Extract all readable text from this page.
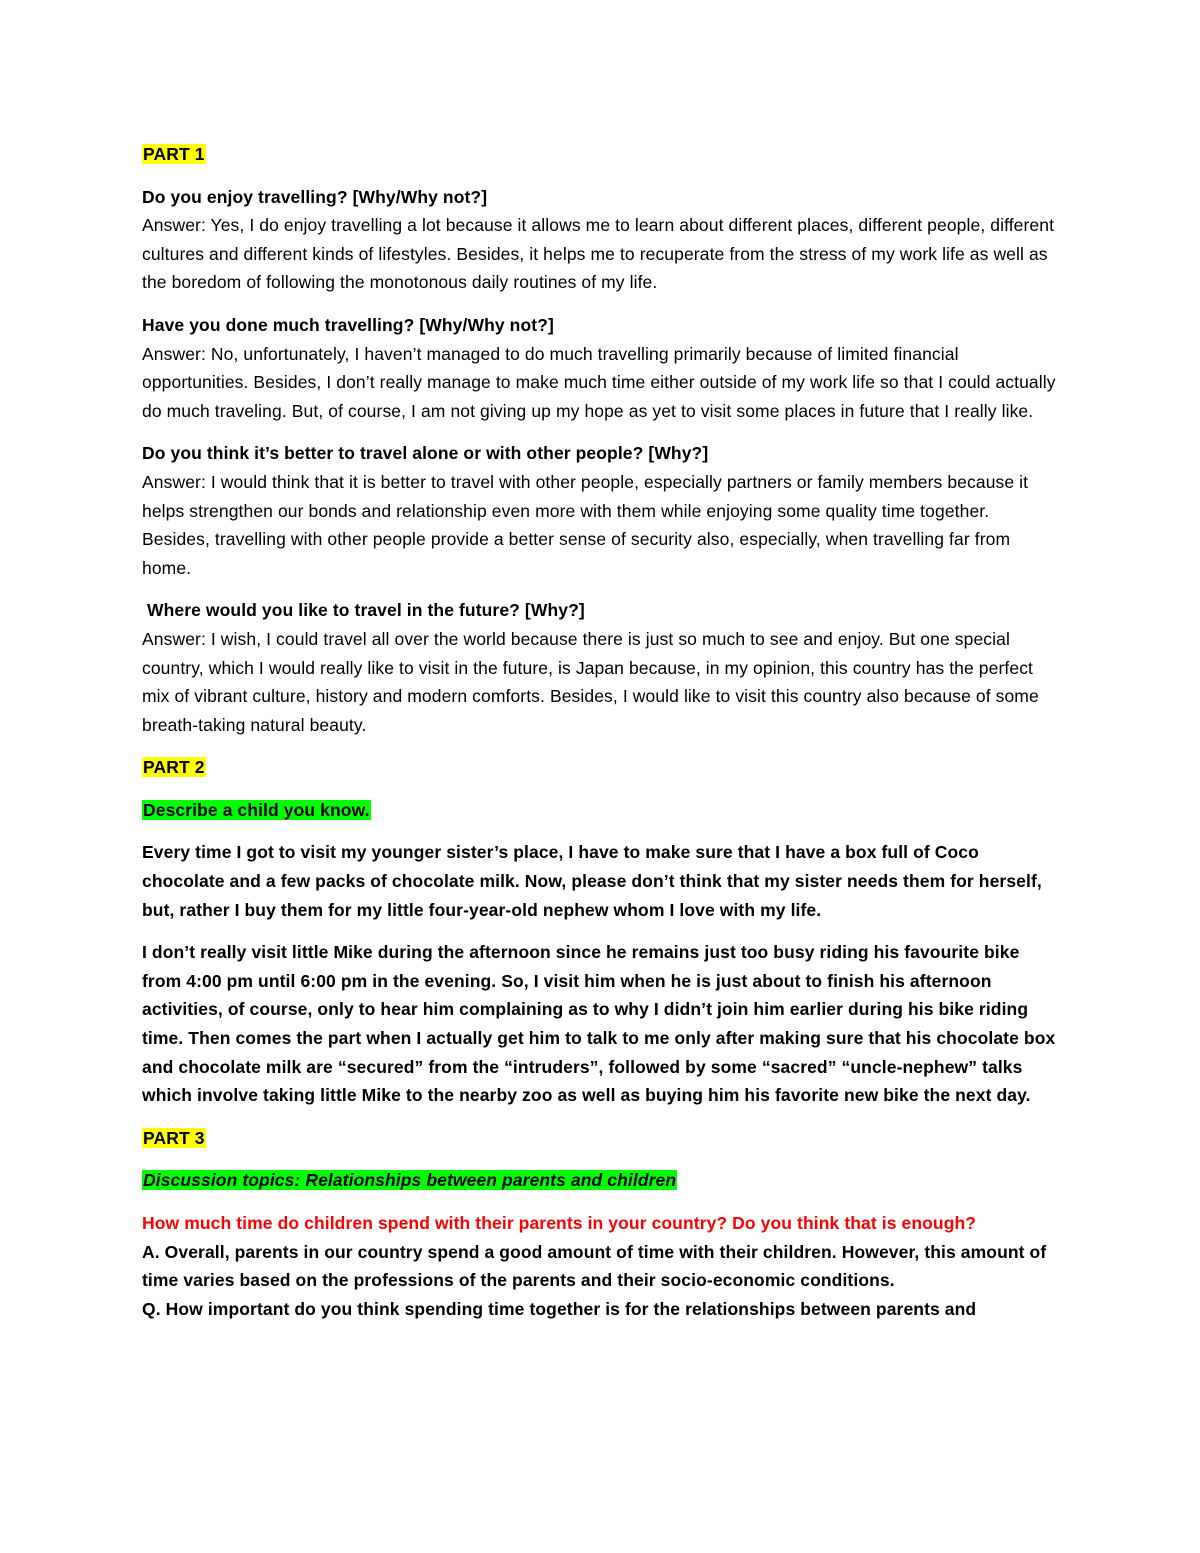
PART 1

Do you enjoy travelling? [Why/Why not?]
Answer: Yes, I do enjoy travelling a lot because it allows me to learn about different places, different people, different cultures and different kinds of lifestyles. Besides, it helps me to recuperate from the stress of my work life as well as the boredom of following the monotonous daily routines of my life.
Have you done much travelling? [Why/Why not?]
Answer: No, unfortunately, I haven’t managed to do much travelling primarily because of limited financial opportunities. Besides, I don’t really manage to make much time either outside of my work life so that I could actually do much traveling. But, of course, I am not giving up my hope as yet to visit some places in future that I really like.
Do you think it’s better to travel alone or with other people? [Why?]
Answer: I would think that it is better to travel with other people, especially partners or family members because it helps strengthen our bonds and relationship even more with them while enjoying some quality time together. Besides, travelling with other people provide a better sense of security also, especially, when travelling far from home.
Where would you like to travel in the future? [Why?]
Answer: I wish, I could travel all over the world because there is just so much to see and enjoy. But one special country, which I would really like to visit in the future, is Japan because, in my opinion, this country has the perfect mix of vibrant culture, history and modern comforts. Besides, I would like to visit this country also because of some breath-taking natural beauty.

PART 2

Describe a child you know.

Every time I got to visit my younger sister’s place, I have to make sure that I have a box full of Coco chocolate and a few packs of chocolate milk. Now, please don’t think that my sister needs them for herself, but, rather I buy them for my little four-year-old nephew whom I love with my life.

I don’t really visit little Mike during the afternoon since he remains just too busy riding his favourite bike from 4:00 pm until 6:00 pm in the evening. So, I visit him when he is just about to finish his afternoon activities, of course, only to hear him complaining as to why I didn’t join him earlier during his bike riding time. Then comes the part when I actually get him to talk to me only after making sure that his chocolate box and chocolate milk are “secured” from the “intruders”, followed by some “sacred” “uncle-nephew” talks which involve taking little Mike to the nearby zoo as well as buying him his favorite new bike the next day.

PART 3

Discussion topics: Relationships between parents and children

How much time do children spend with their parents in your country? Do you think that is enough?

A. Overall, parents in our country spend a good amount of time with their children. However, this amount of time varies based on the professions of the parents and their socio-economic conditions.

Q. How important do you think spending time together is for the relationships between parents and
